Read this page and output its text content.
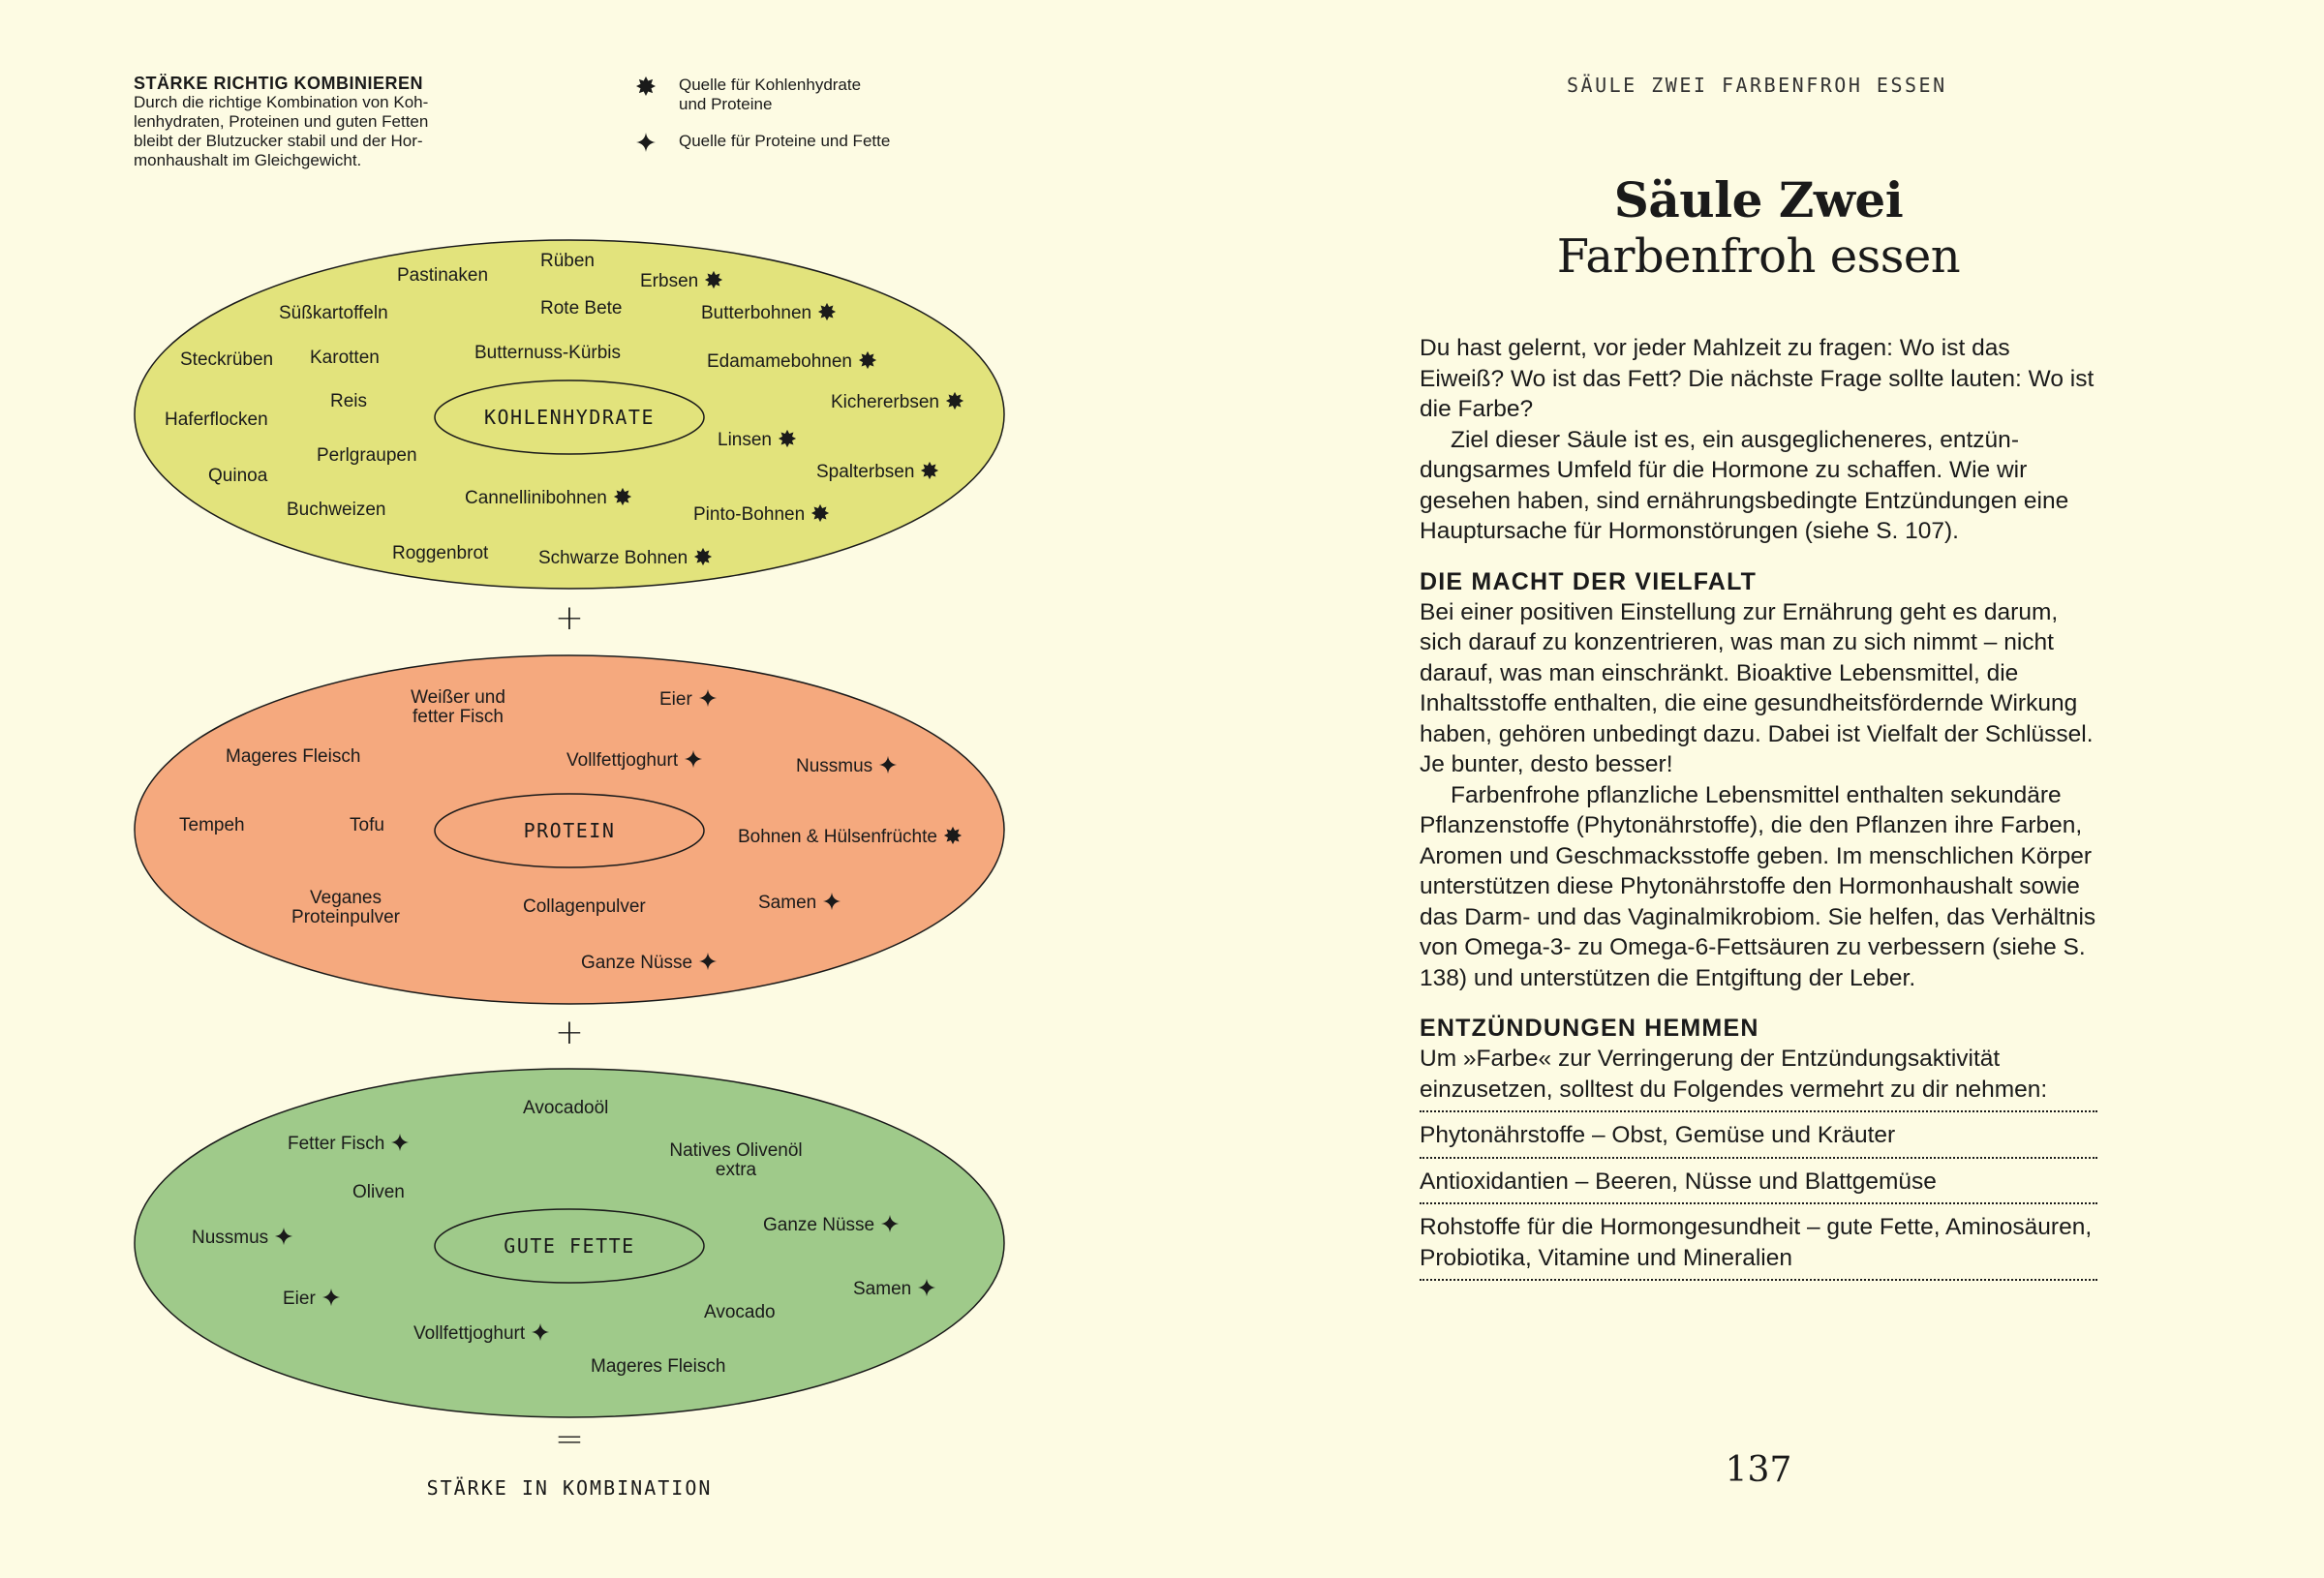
STÄRKE RICHTIG KOMBINIEREN
Durch die richtige Kombination von Koh-
lenhydraten, Proteinen und guten Fetten
bleibt der Blutzucker stabil und der Hor-
monhaushalt im Gleichgewicht.
Quelle für Kohlenhydrate
und Proteine
Quelle für Proteine und Fette
KOHLENHYDRATE
PROTEIN
GUTE FETTE
+
+
=
STÄRKE IN KOMBINATION
Pastinaken
Rüben
Erbsen
Süßkartoffeln	Rote Bete	Butterbohnen
Steckrüben Karotten	Butternuss-Kürbis	Edamamebohnen
Reis	Kichererbsen
Haferflocken
Linsen
Perlgraupen
Quinoa	Spalterbsen
Cannellinibohnen
Buchweizen	Pinto-Bohnen
Roggenbrot	Schwarze Bohnen
Weißer und
fetter Fisch
Eier
Mageres Fleisch	Vollfettjoghurt	Nussmus
Tempeh	Tofu
Bohnen & Hülsenfrüchte
Veganes
Proteinpulver
Collagenpulver	Samen
Ganze Nüsse
Avocadoöl
Fetter Fisch	Natives Olivenöl
extra
Oliven
Nussmus
Ganze Nüsse
Samen
Eier
Avocado
Vollfettjoghurt
Mageres Fleisch
SÄULE ZWEI FARBENFROH ESSEN
Säule Zwei
Farbenfroh essen

Du hast gelernt, vor jeder Mahlzeit zu fragen: Wo ist das Eiweiß? Wo ist das Fett? Die nächste Frage sollte lauten: Wo ist die Farbe?

Ziel dieser Säule ist es, ein ausgeglicheneres, entzündungsarmes Umfeld für die Hormone zu schaffen. Wie wir gesehen haben, sind ernährungsbedingte Entzündungen eine Hauptursache für Hormonstörungen (siehe S. 107).

DIE MACHT DER VIELFALT

Bei einer positiven Einstellung zur Ernährung geht es darum, sich darauf zu konzentrieren, was man zu sich nimmt – nicht darauf, was man einschränkt. Bioaktive Lebensmittel, die Inhaltsstoffe enthalten, die eine gesundheitsfördernde Wirkung haben, gehören unbedingt dazu. Dabei ist Vielfalt der Schlüssel. Je bunter, desto besser!

Farbenfrohe pflanzliche Lebensmittel enthalten sekundäre Pflanzenstoffe (Phytonährstoffe), die den Pflanzen ihre Farben, Aromen und Geschmacksstoffe geben. Im menschlichen Körper unterstützen diese Phytonährstoffe den Hormonhaushalt sowie das Darm- und das Vaginalmikrobiom. Sie helfen, das Verhältnis von Omega-3- zu Omega-6-Fettsäuren zu verbessern (siehe S. 138) und unterstützen die Entgiftung der Leber.

ENTZÜNDUNGEN HEMMEN

Um »Farbe« zur Verringerung der Entzündungsaktivität einzusetzen, solltest du Folgendes vermehrt zu dir nehmen:

Phytonährstoffe – Obst, Gemüse und Kräuter
Antioxidantien – Beeren, Nüsse und Blattgemüse
Rohstoffe für die Hormongesundheit – gute Fette, Aminosäuren, Probiotika, Vitamine und Mineralien
137
